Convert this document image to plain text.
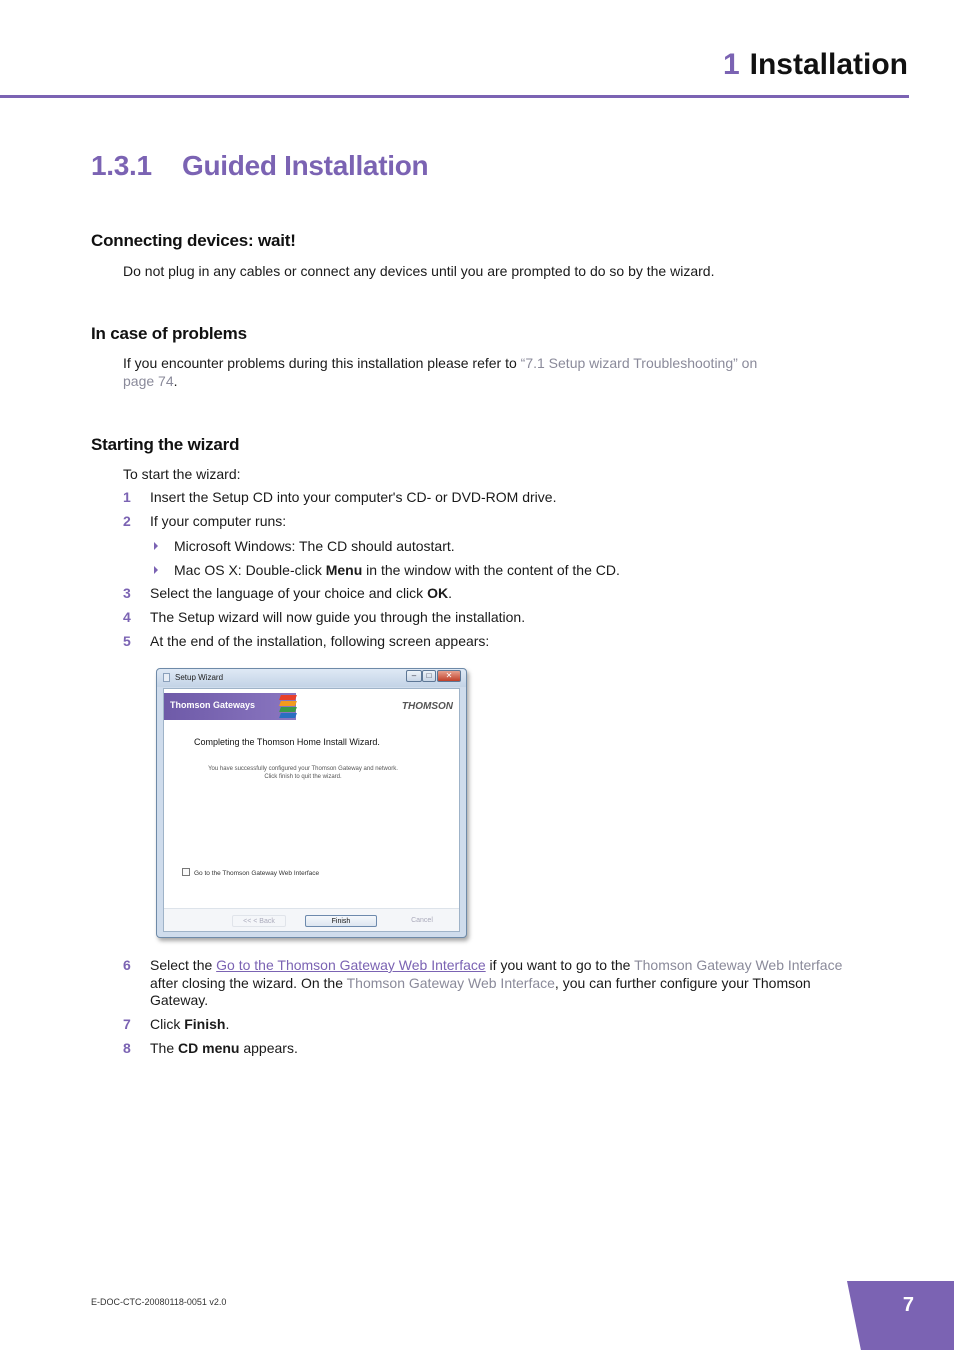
1 Installation
1.3.1 Guided Installation
Connecting devices: wait!
Do not plug in any cables or connect any devices until you are prompted to do so by the wizard.
In case of problems
If you encounter problems during this installation please refer to “7.1 Setup wizard Troubleshooting” on
page 74.
Starting the wizard
To start the wizard:
1	Insert the Setup CD into your computer's CD- or DVD-ROM drive.
2	If your computer runs:
Microsoft Windows: The CD should autostart.
Mac OS X: Double-click Menu in the window with the content of the CD.
3	Select the language of your choice and click OK.
4	The Setup wizard will now guide you through the installation.
5	At the end of the installation, following screen appears:
Setup Wizard	–	□	✕
Thomson Gateways	THOMSON
Completing the Thomson Home Install Wizard.
You have successfully configured your Thomson Gateway and network.
Click finish to quit the wizard.
Go to the Thomson Gateway Web Interface
<< < Back	Finish	Cancel
6	Select the Go to the Thomson Gateway Web Interface if you want to go to the Thomson Gateway Web Interface after closing the wizard. On the Thomson Gateway Web Interface, you can further configure your Thomson Gateway.
7	Click Finish.
8	The CD menu appears.
E-DOC-CTC-20080118-0051 v2.0	7
